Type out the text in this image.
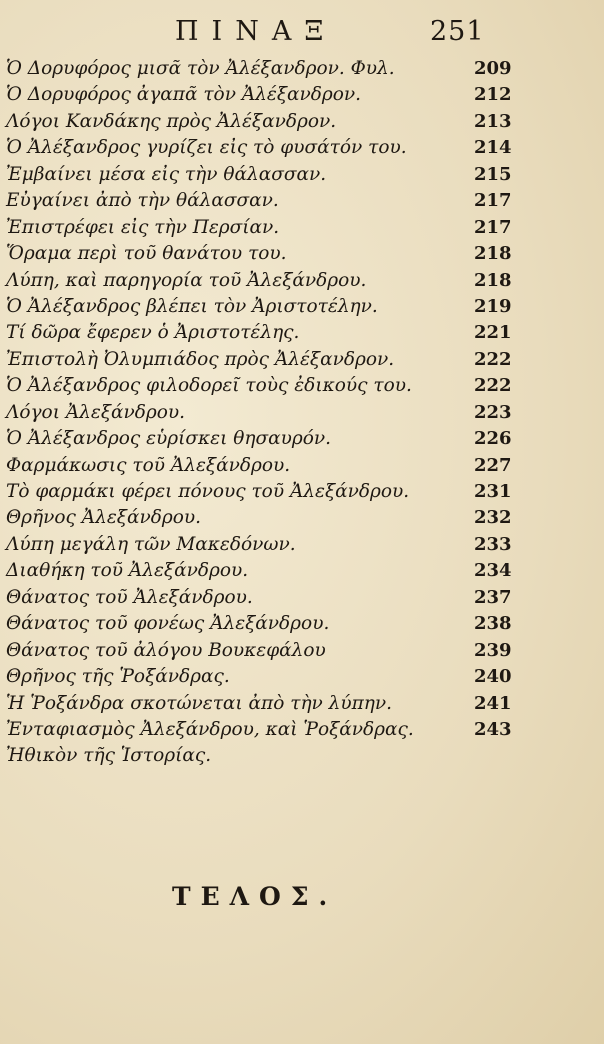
ΠΙΝΑΞ	251
Ὁ Δορυφόρος μισᾶ τὸν Ἀλέξανδρον. Φυλ.	209
Ὁ Δορυφόρος ἀγαπᾶ τὸν Ἀλέξανδρον.	212
Λόγοι Κανδάκης πρὸς Ἀλέξανδρον.	213
Ὁ Ἀλέξανδρος γυρίζει εἰς τὸ φυσάτόν του.	214
Ἐμβαίνει μέσα εἰς τὴν θάλασσαν.	215
Εὐγαίνει ἀπὸ τὴν θάλασσαν.	217
Ἐπιστρέφει εἰς τὴν Περσίαν.	217
Ὅραμα περὶ τοῦ θανάτου του.	218
Λύπη, καὶ παρηγορία τοῦ Ἀλεξάνδρου.	218
Ὁ Ἀλέξανδρος βλέπει τὸν Ἀριστοτέλην.	219
Τί δῶρα ἔφερεν ὁ Ἀριστοτέλης.	221
Ἐπιστολὴ Ὀλυμπιάδος πρὸς Ἀλέξανδρον.	222
Ὁ Ἀλέξανδρος φιλοδορεῖ τοὺς ἐδικούς του.	222
Λόγοι Ἀλεξάνδρου.	223
Ὁ Ἀλέξανδρος εὑρίσκει θησαυρόν.	226
Φαρμάκωσις τοῦ Ἀλεξάνδρου.	227
Τὸ φαρμάκι φέρει πόνους τοῦ Ἀλεξάνδρου.	231
Θρῆνος Ἀλεξάνδρου.	232
Λύπη μεγάλη τῶν Μακεδόνων.	233
Διαθήκη τοῦ Ἀλεξάνδρου.	234
Θάνατος τοῦ Ἀλεξάνδρου.	237
Θάνατος τοῦ φονέως Ἀλεξάνδρου.	238
Θάνατος τοῦ ἀλόγου Βουκεφάλου	239
Θρῆνος τῆς Ῥοξάνδρας.	240
Ἡ Ῥοξάνδρα σκοτώνεται ἀπὸ τὴν λύπην.	241
Ἐνταφιασμὸς Ἀλεξάνδρου, καὶ Ῥοξάνδρας.	243
Ἠθικὸν τῆς Ἱστορίας.
ΤΕΛΟΣ.
